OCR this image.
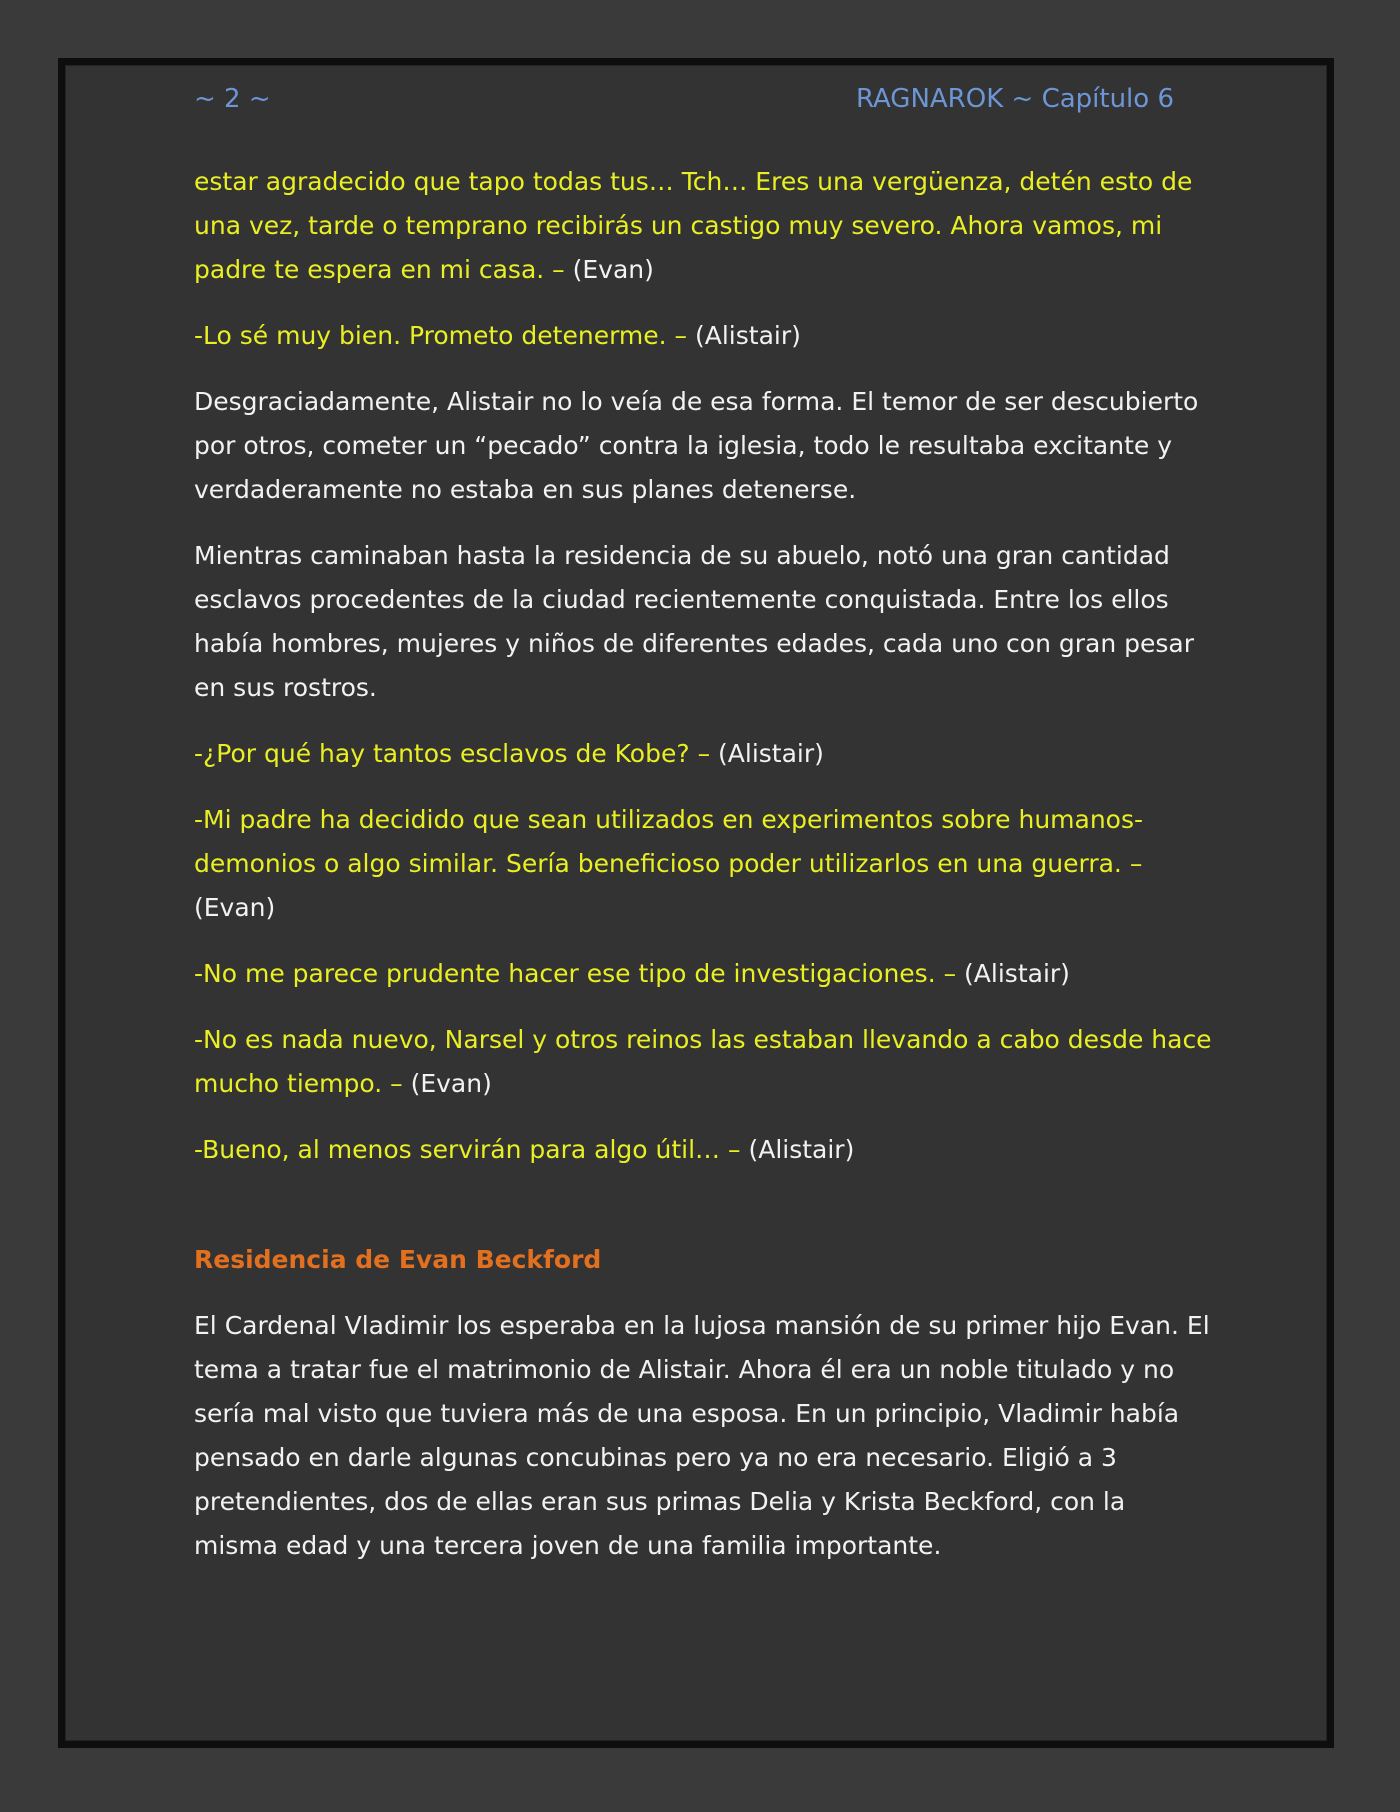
~ 2 ~	RAGNAROK ~ Capítulo 6

estar agradecido que tapo todas tus… Tch… Eres una vergüenza, detén esto de una vez, tarde o temprano recibirás un castigo muy severo. Ahora vamos, mi padre te espera en mi casa. – (Evan)

-Lo sé muy bien. Prometo detenerme. – (Alistair)

Desgraciadamente, Alistair no lo veía de esa forma. El temor de ser descubierto por otros, cometer un “pecado” contra la iglesia, todo le resultaba excitante y verdaderamente no estaba en sus planes detenerse.

Mientras caminaban hasta la residencia de su abuelo, notó una gran cantidad esclavos procedentes de la ciudad recientemente conquistada. Entre los ellos había hombres, mujeres y niños de diferentes edades, cada uno con gran pesar en sus rostros.

-¿Por qué hay tantos esclavos de Kobe? – (Alistair)

-Mi padre ha decidido que sean utilizados en experimentos sobre humanos-demonios o algo similar. Sería beneficioso poder utilizarlos en una guerra. – (Evan)

-No me parece prudente hacer ese tipo de investigaciones. – (Alistair)

-No es nada nuevo, Narsel y otros reinos las estaban llevando a cabo desde hace mucho tiempo. – (Evan)

-Bueno, al menos servirán para algo útil… – (Alistair)

Residencia de Evan Beckford

El Cardenal Vladimir los esperaba en la lujosa mansión de su primer hijo Evan. El tema a tratar fue el matrimonio de Alistair. Ahora él era un noble titulado y no sería mal visto que tuviera más de una esposa. En un principio, Vladimir había pensado en darle algunas concubinas pero ya no era necesario. Eligió a 3 pretendientes, dos de ellas eran sus primas Delia y Krista Beckford, con la misma edad y una tercera joven de una familia importante.
